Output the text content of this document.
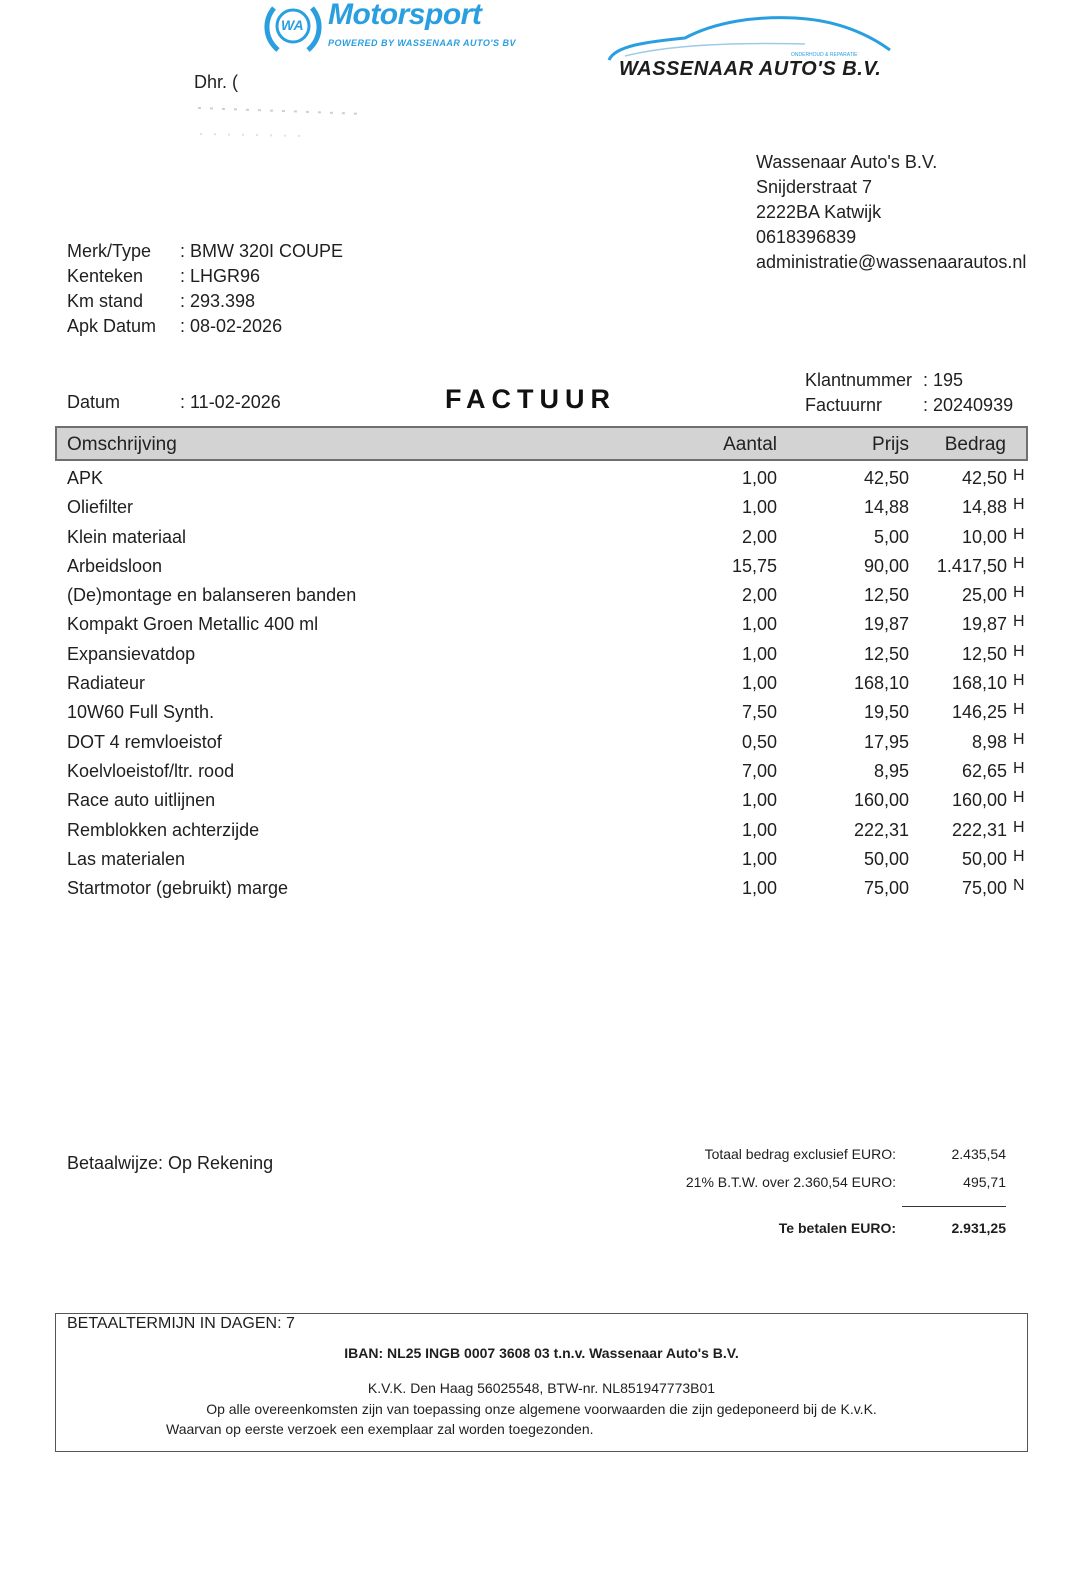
WA Motorsport
POWERED BY WASSENAAR AUTO'S BV
ONDERHOUD & REPARATIE
WASSENAAR AUTO'S B.V.
Dhr. (
Wassenaar Auto's B.V.
Snijderstraat 7
2222BA Katwijk
0618396839
administratie@wassenaarautos.nl
Merk/Type	: BMW 320I COUPE
Kenteken	: LHGR96
Km stand	: 293.398
Apk Datum	: 08-02-2026
Datum	: 11-02-2026	FACTUUR
Klantnummer : 195
Factuurnr	: 20240939
Omschrijving	Aantal	Prijs Bedrag
APK	1,00	42,50	42,50 H
Oliefilter	1,00	14,88	14,88 H
Klein materiaal	2,00	5,00	10,00 H
Arbeidsloon	15,75	90,00 1.417,50 H
(De)montage en balanseren banden	2,00	12,50	25,00 H
Kompakt Groen Metallic 400 ml	1,00	19,87	19,87 H
Expansievatdop	1,00	12,50	12,50 H
Radiateur	1,00	168,10 168,10 H
10W60 Full Synth.	7,50	19,50 146,25 H
DOT 4 remvloeistof	0,50	17,95	8,98 H
Koelvloeistof/ltr. rood	7,00	8,95	62,65 H
Race auto uitlijnen	1,00	160,00 160,00 H
Remblokken achterzijde	1,00	222,31 222,31 H
Las materialen	1,00	50,00	50,00 H
Startmotor (gebruikt) marge	1,00	75,00	75,00 N
Betaalwijze: Op Rekening	Totaal bedrag exclusief EURO:	2.435,54
21% B.T.W. over 2.360,54 EURO:	495,71
Te betalen EURO:	2.931,25
BETAALTERMIJN IN DAGEN: 7
IBAN: NL25 INGB 0007 3608 03 t.n.v. Wassenaar Auto's B.V.
K.V.K. Den Haag 56025548, BTW-nr. NL851947773B01
Op alle overeenkomsten zijn van toepassing onze algemene voorwaarden die zijn gedeponeerd bij de K.v.K.
Waarvan op eerste verzoek een exemplaar zal worden toegezonden.
